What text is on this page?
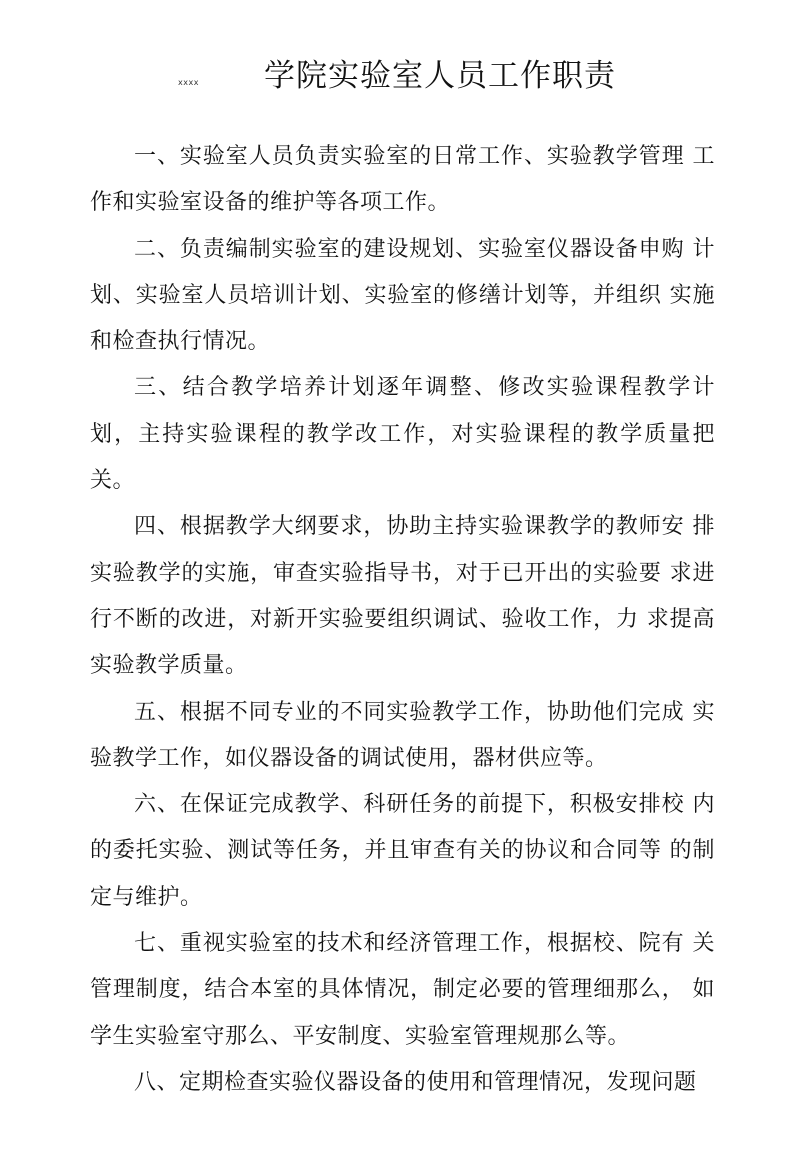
xxxx 学院实验室人员工作职责

一、实验室人员负责实验室的日常工作、实验教学管理 工作和实验室设备的维护等各项工作。

二、负责编制实验室的建设规划、实验室仪器设备申购 计划、实验室人员培训计划、实验室的修缮计划等，并组织 实施和检查执行情况。

三、结合教学培养计划逐年调整、修改实验课程教学计 划，主持实验课程的教学改工作，对实验课程的教学质量把 关。

四、根据教学大纲要求，协助主持实验课教学的教师安 排实验教学的实施，审查实验指导书，对于已开出的实验要 求进行不断的改进，对新开实验要组织调试、验收工作，力 求提高实验教学质量。

五、根据不同专业的不同实验教学工作，协助他们完成 实验教学工作，如仪器设备的调试使用，器材供应等。

六、在保证完成教学、科研任务的前提下，积极安排校 内的委托实验、测试等任务，并且审查有关的协议和合同等 的制定与维护。

七、重视实验室的技术和经济管理工作，根据校、院有 关管理制度，结合本室的具体情况，制定必要的管理细那么， 如学生实验室守那么、平安制度、实验室管理规那么等。

八、定期检查实验仪器设备的使用和管理情况，发现问题
